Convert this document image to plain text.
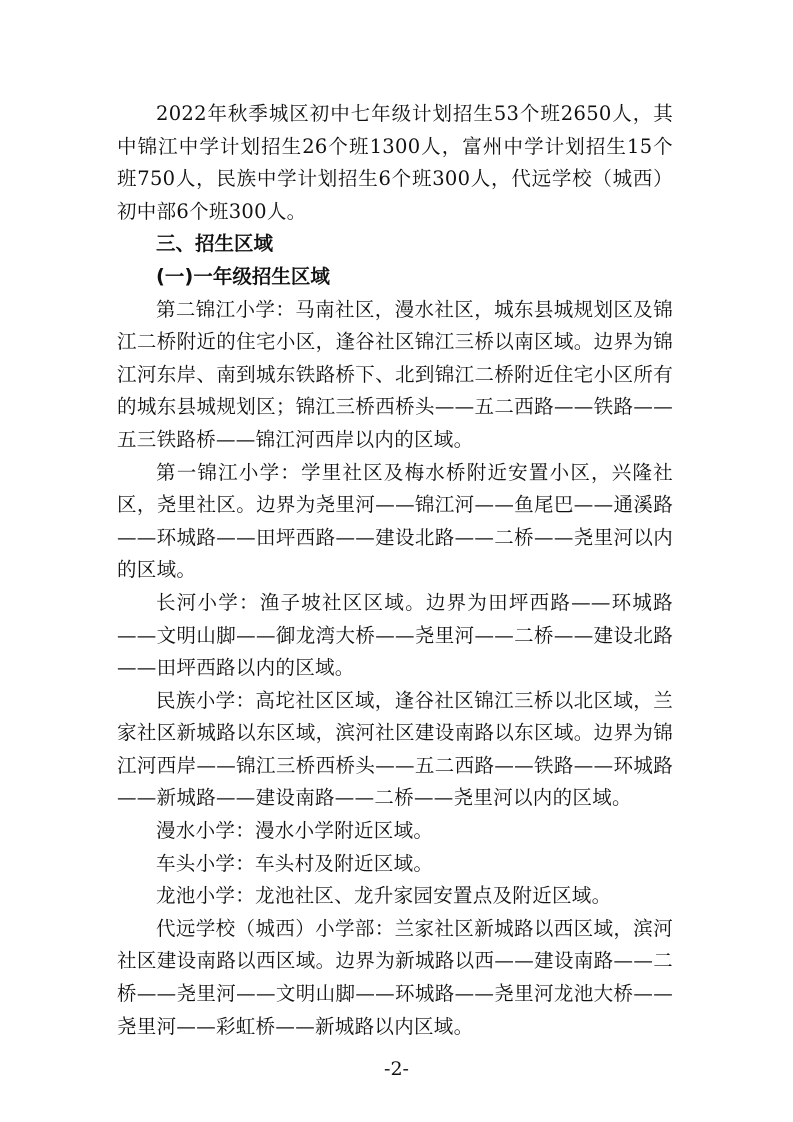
2022年秋季城区初中七年级计划招生53个班2650人，其中锦江中学计划招生26个班1300人，富州中学计划招生15个班750人，民族中学计划招生6个班300人，代远学校（城西）初中部6个班300人。

三、招生区域

(一)一年级招生区域

第二锦江小学：马南社区，漫水社区，城东县城规划区及锦江二桥附近的住宅小区，逢谷社区锦江三桥以南区域。边界为锦江河东岸、南到城东铁路桥下、北到锦江二桥附近住宅小区所有的城东县城规划区；锦江三桥西桥头——五二西路——铁路——五三铁路桥——锦江河西岸以内的区域。

第一锦江小学：学里社区及梅水桥附近安置小区，兴隆社区，尧里社区。边界为尧里河——锦江河——鱼尾巴——通溪路——环城路——田坪西路——建设北路——二桥——尧里河以内的区域。

长河小学：渔子坡社区区域。边界为田坪西路——环城路——文明山脚——御龙湾大桥——尧里河——二桥——建设北路——田坪西路以内的区域。

民族小学：高坨社区区域，逢谷社区锦江三桥以北区域，兰家社区新城路以东区域，滨河社区建设南路以东区域。边界为锦江河西岸——锦江三桥西桥头——五二西路——铁路——环城路——新城路——建设南路——二桥——尧里河以内的区域。

漫水小学：漫水小学附近区域。

车头小学：车头村及附近区域。

龙池小学：龙池社区、龙升家园安置点及附近区域。

代远学校（城西）小学部：兰家社区新城路以西区域，滨河社区建设南路以西区域。边界为新城路以西——建设南路——二桥——尧里河——文明山脚——环城路——尧里河龙池大桥——尧里河——彩虹桥——新城路以内区域。

-2-
